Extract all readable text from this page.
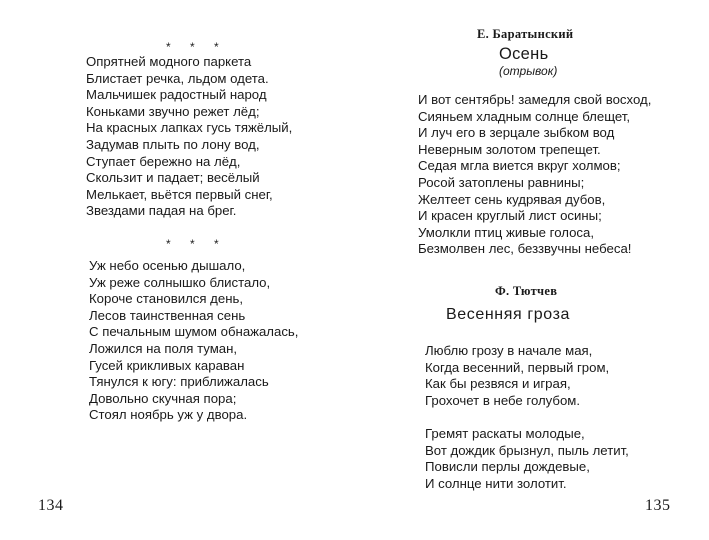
* * *
Опрятней модного паркета
Блистает речка, льдом одета.
Мальчишек радостный народ
Коньками звучно режет лёд;
На красных лапках гусь тяжёлый,
Задумав плыть по лону вод,
Ступает бережно на лёд,
Скользит и падает; весёлый
Мелькает, вьётся первый снег,
Звездами падая на брег.
* * *
Уж небо осенью дышало,
Уж реже солнышко блистало,
Короче становился день,
Лесов таинственная сень
С печальным шумом обнажалась,
Ложился на поля туман,
Гусей крикливых караван
Тянулся к югу: приближалась
Довольно скучная пора;
Стоял ноябрь уж у двора.
134
Е. Баратынский
Осень
(отрывок)
И вот сентябрь! замедля свой восход,
Сияньем хладным солнце блещет,
И луч его в зерцале зыбком вод
Неверным золотом трепещет.
Седая мгла виется вкруг холмов;
Росой затоплены равнины;
Желтеет сень кудрявая дубов,
И красен круглый лист осины;
Умолкли птиц живые голоса,
Безмолвен лес, беззвучны небеса!
Ф. Тютчев
Весенняя гроза
Люблю грозу в начале мая,
Когда весенний, первый гром,
Как бы резвяся и играя,
Грохочет в небе голубом.
Гремят раскаты молодые,
Вот дождик брызнул, пыль летит,
Повисли перлы дождевые,
И солнце нити золотит.
135
